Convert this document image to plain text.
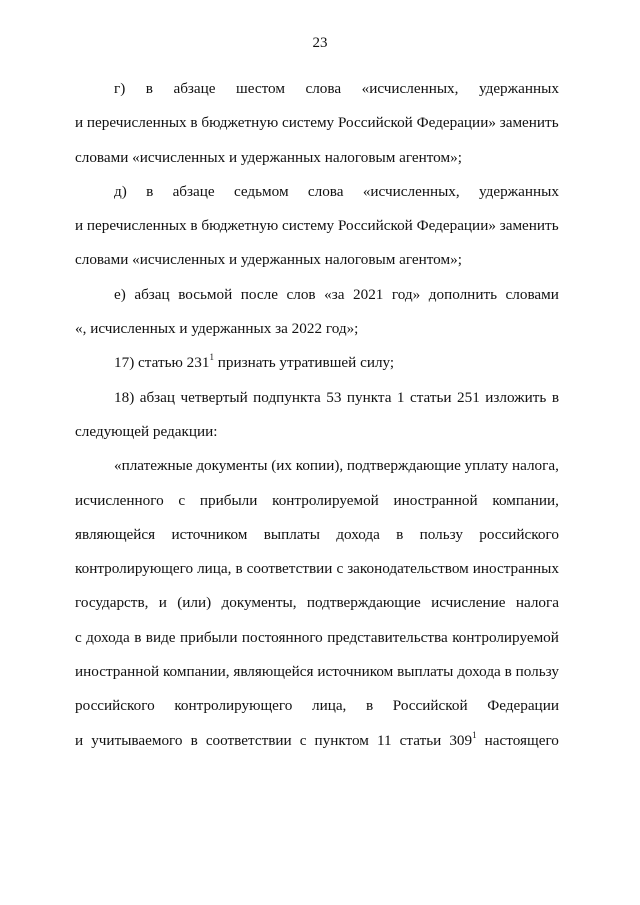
23
г) в абзаце шестом слова «исчисленных, удержанных
и перечисленных в бюджетную систему Российской Федерации» заменить
словами «исчисленных и удержанных налоговым агентом»;
д) в абзаце седьмом слова «исчисленных, удержанных
и перечисленных в бюджетную систему Российской Федерации» заменить
словами «исчисленных и удержанных налоговым агентом»;
е) абзац восьмой после слов «за 2021 год» дополнить словами
«, исчисленных и удержанных за 2022 год»;
17) статью $231^1$ признать утратившей силу;
18) абзац четвертый подпункта 53 пункта 1 статьи 251 изложить в
следующей редакции:
«платежные документы (их копии), подтверждающие уплату налога,
исчисленного с прибыли контролируемой иностранной компании,
являющейся источником выплаты дохода в пользу российского
контролирующего лица, в соответствии с законодательством иностранных
государств, и (или) документы, подтверждающие исчисление налога
с дохода в виде прибыли постоянного представительства контролируемой
иностранной компании, являющейся источником выплаты дохода в пользу
российского контролирующего лица, в Российской Федерации
и учитываемого в соответствии с пунктом 11 статьи $309^1$ настоящего
